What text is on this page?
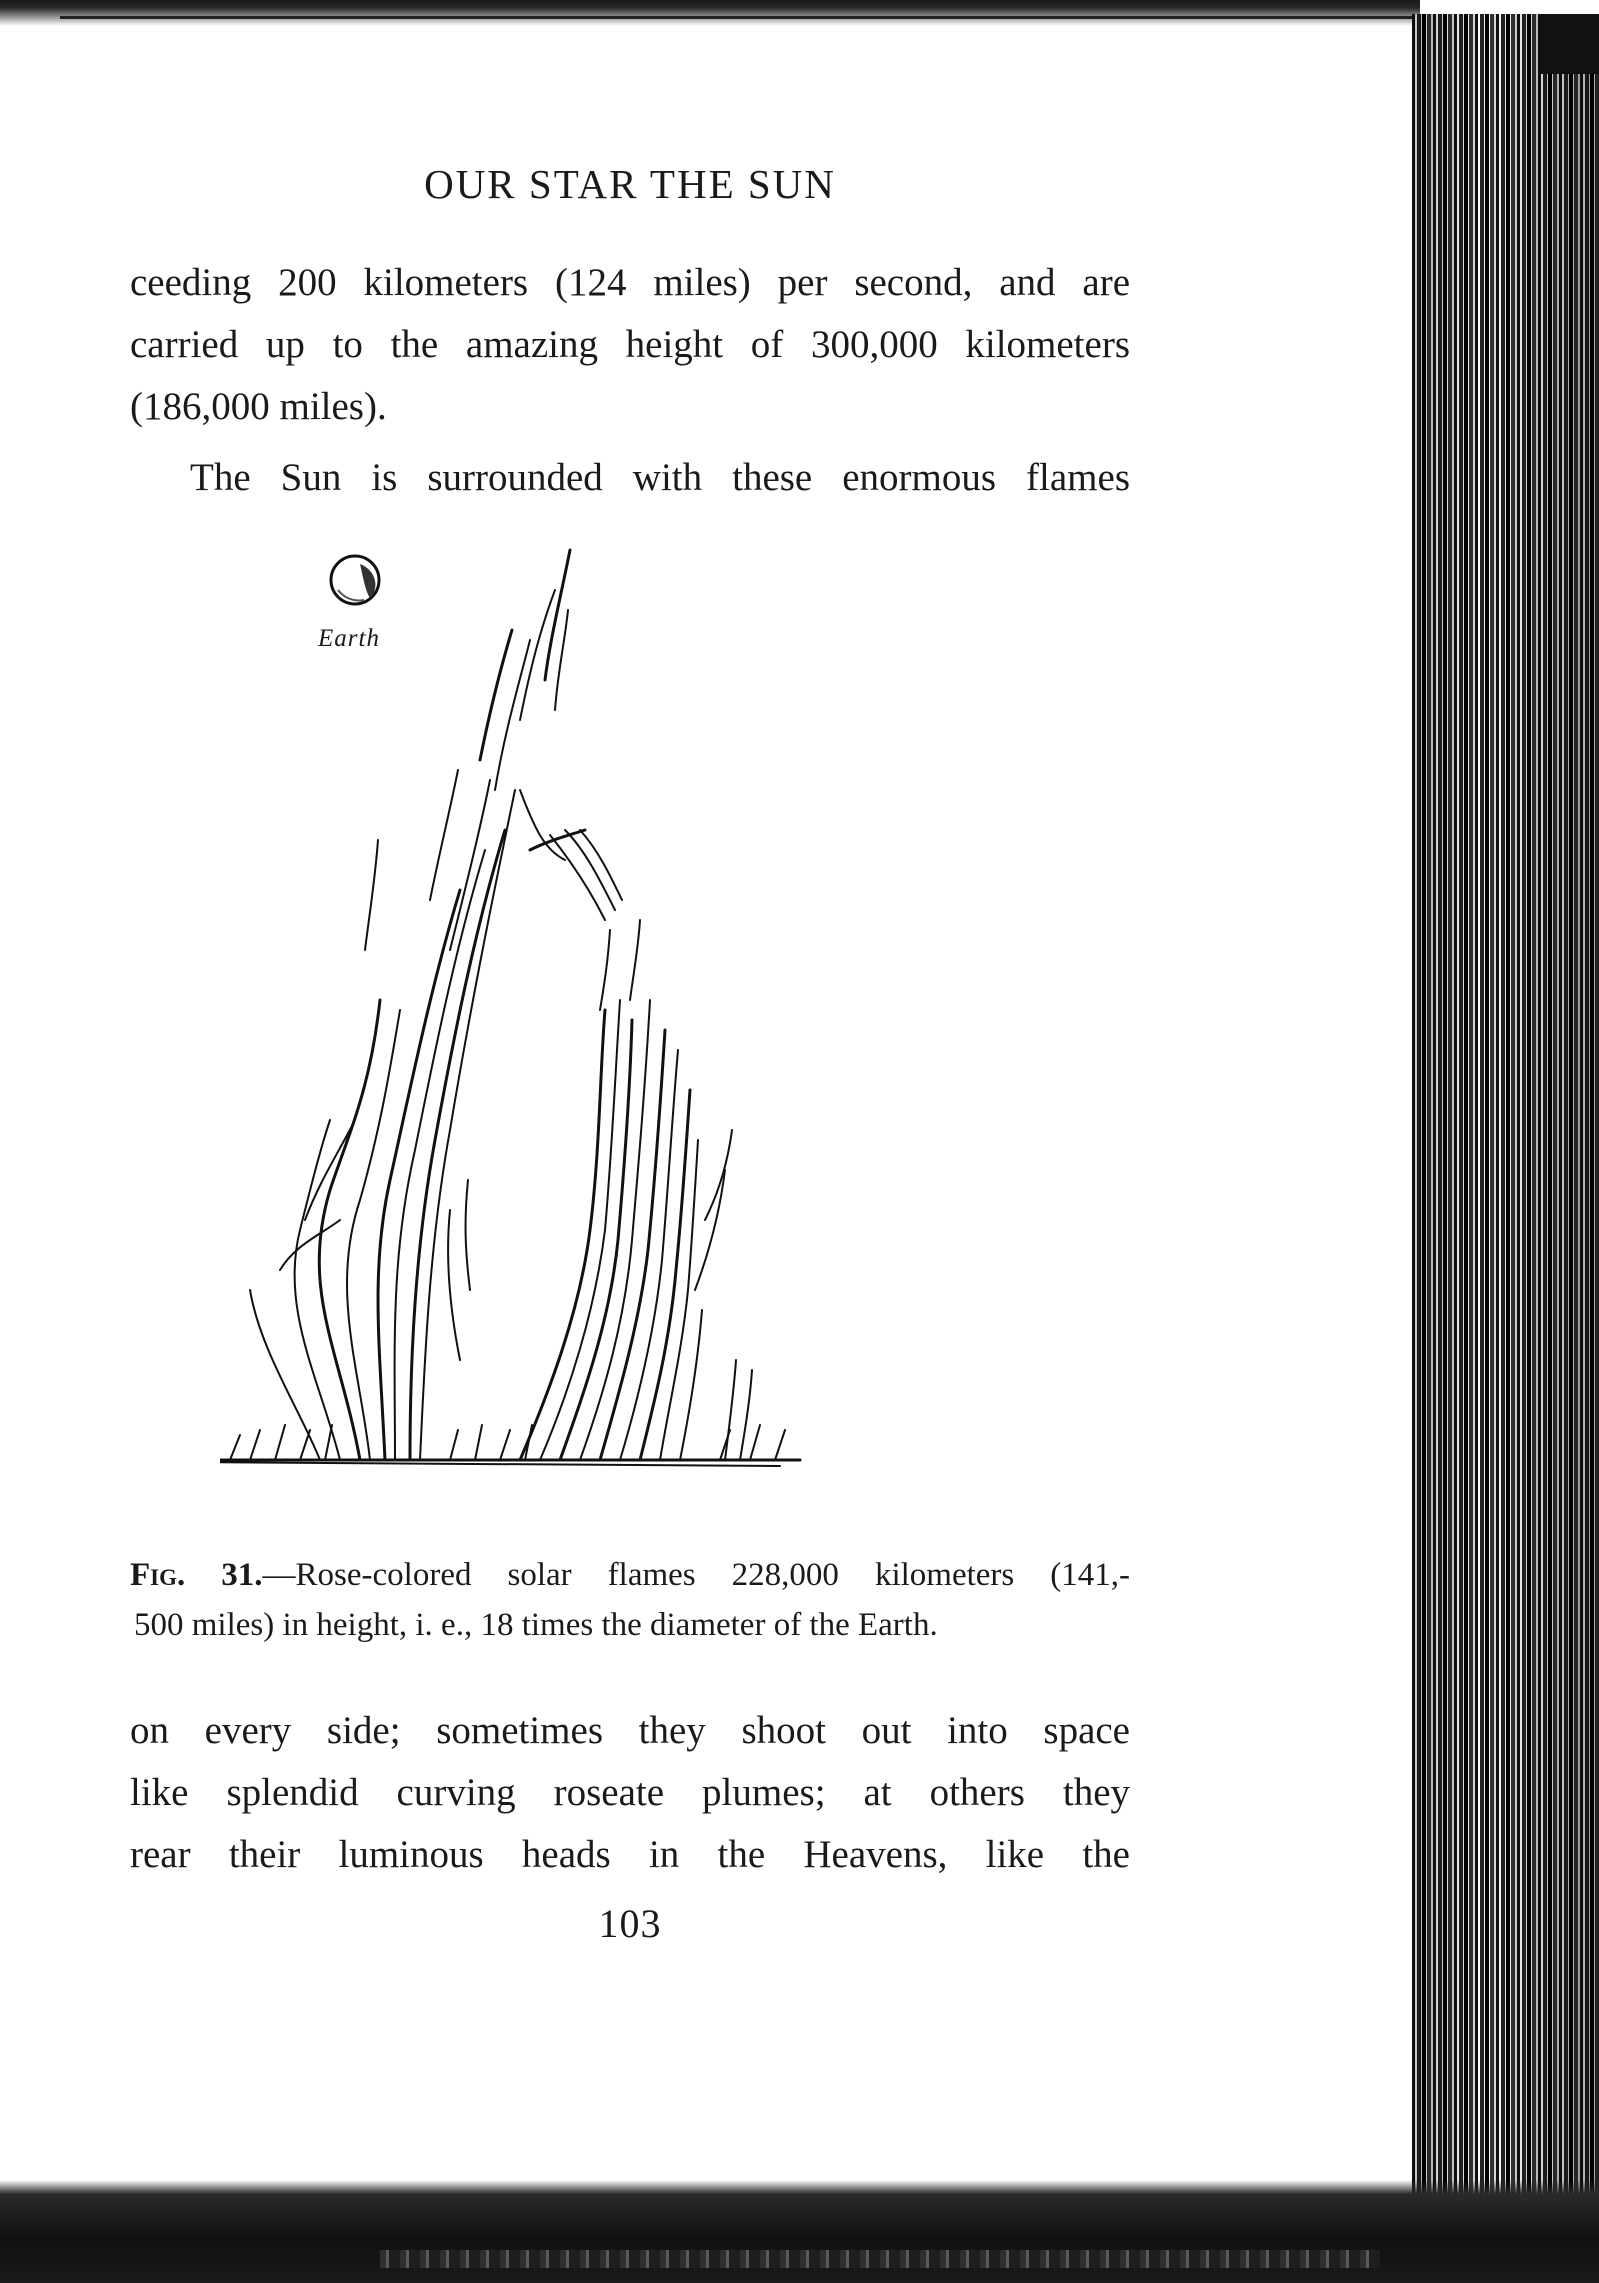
OUR STAR THE SUN

ceeding 200 kilometers (124 miles) per second, and are
carried up to the amazing height of 300,000 kilometers
(186,000 miles).

The Sun is surrounded with these enormous flames

Earth

Fig. 31.—Rose-colored solar flames 228,000 kilometers (141,-
500 miles) in height, i. e., 18 times the diameter of the Earth.

on every side; sometimes they shoot out into space
like splendid curving roseate plumes; at others they
rear their luminous heads in the Heavens, like the

103
